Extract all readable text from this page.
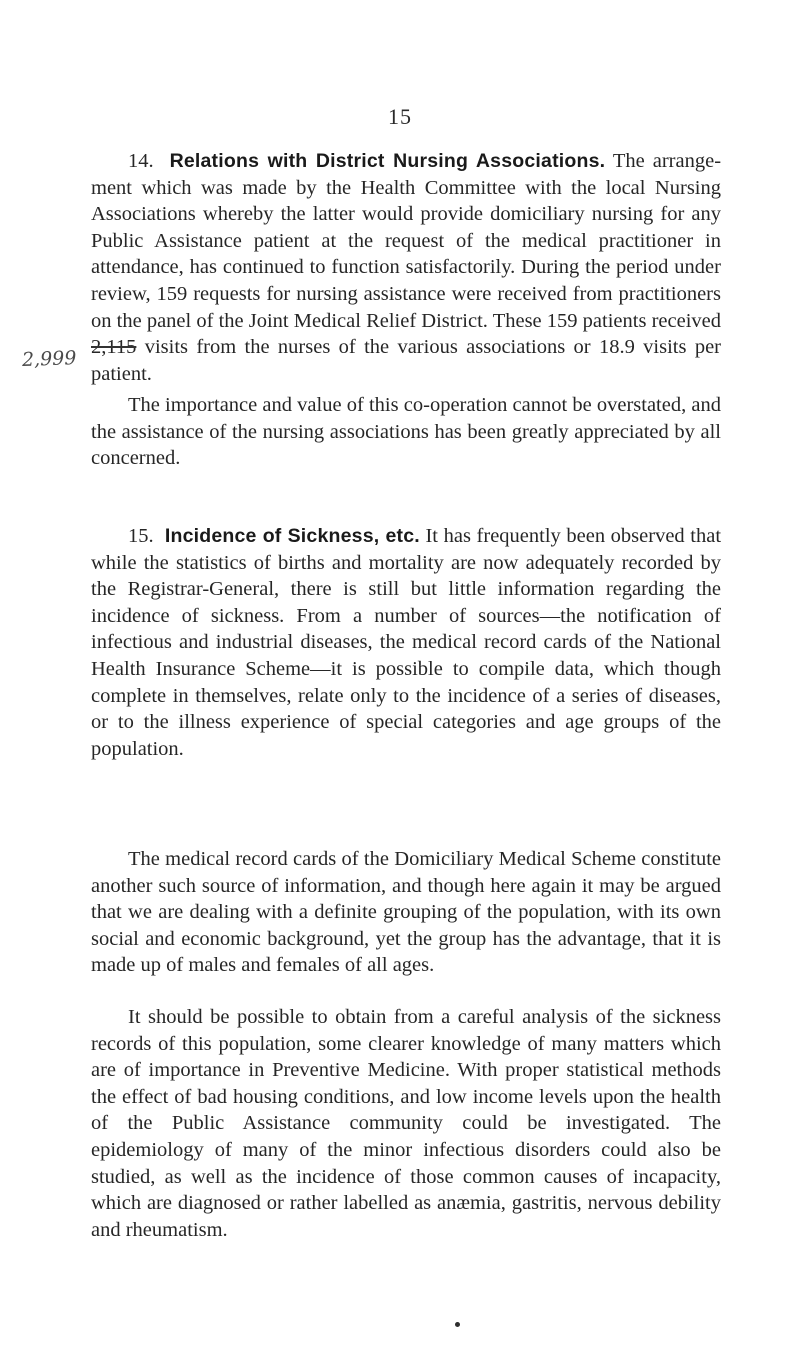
15
2,999

14. Relations with District Nursing Associations. The arrangement which was made by the Health Committee with the local Nursing Associations whereby the latter would provide domiciliary nursing for any Public Assistance patient at the request of the medical practitioner in attendance, has continued to function satisfactorily. During the period under review, 159 requests for nursing assistance were received from practitioners on the panel of the Joint Medical Relief District. These 159 patients received 2,115 visits from the nurses of the various associations or 18.9 visits per patient.

The importance and value of this co-operation cannot be overstated, and the assistance of the nursing associations has been greatly appreciated by all concerned.

15. Incidence of Sickness, etc. It has frequently been observed that while the statistics of births and mortality are now adequately recorded by the Registrar-General, there is still but little information regarding the incidence of sickness. From a number of sources—the notification of infectious and industrial diseases, the medical record cards of the National Health Insurance Scheme—it is possible to compile data, which though complete in themselves, relate only to the incidence of a series of diseases, or to the illness experience of special categories and age groups of the population.

The medical record cards of the Domiciliary Medical Scheme constitute another such source of information, and though here again it may be argued that we are dealing with a definite grouping of the population, with its own social and economic background, yet the group has the advantage, that it is made up of males and females of all ages.

It should be possible to obtain from a careful analysis of the sickness records of this population, some clearer knowledge of many matters which are of importance in Preventive Medicine. With proper statistical methods the effect of bad housing conditions, and low income levels upon the health of the Public Assistance community could be investigated. The epidemiology of many of the minor infectious disorders could also be studied, as well as the incidence of those common causes of incapacity, which are diagnosed or rather labelled as anæmia, gastritis, nervous debility and rheumatism.
